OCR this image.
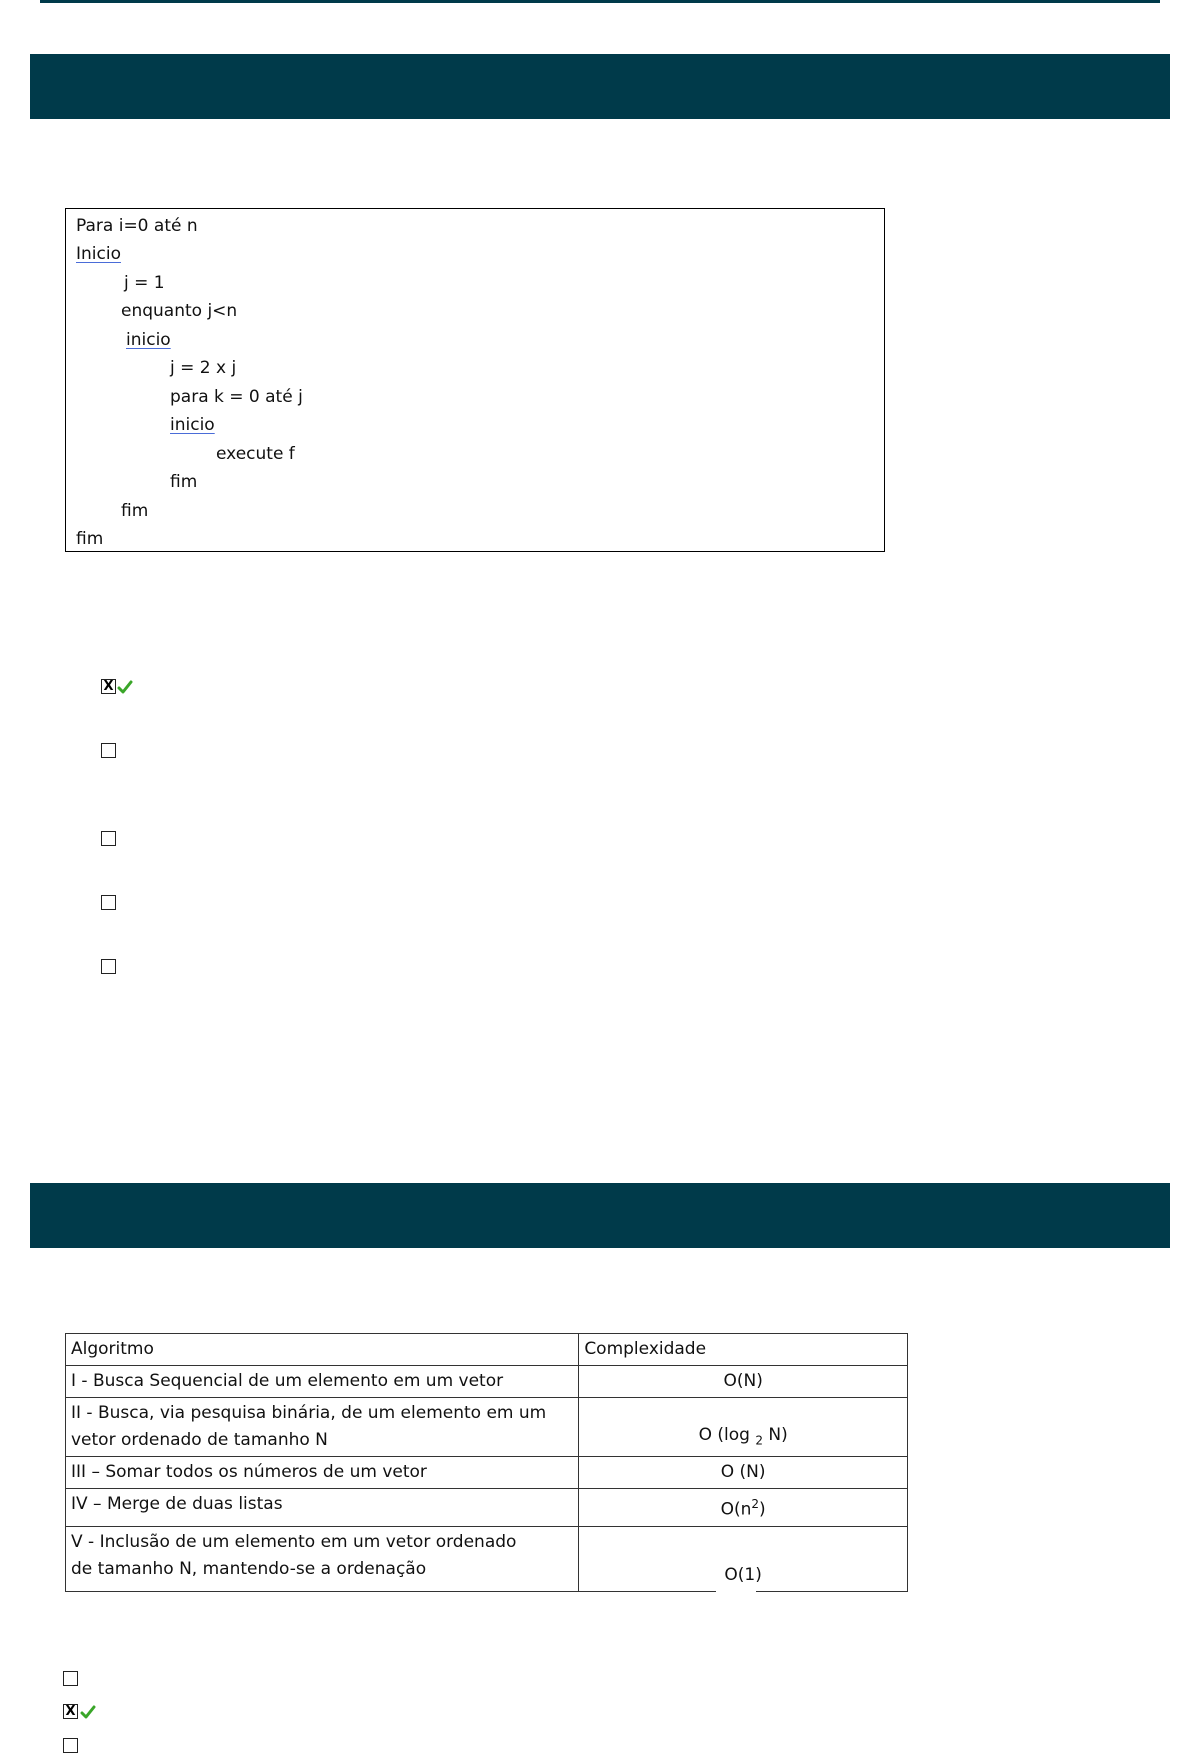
Para i=0 até n
Inicio
j = 1
enquanto j<n
inicio
j = 2 x j
para k = 0 até j
inicio
execute f
fim
fim
fim
X
Algoritmo	Complexidade
I - Busca Sequencial de um elemento em um vetor	O(N)

II - Busca, via pesquisa binária, de um elemento em um
vetor ordenado de tamanho N	O (log $_2$ N)
III – Somar todos os números de um vetor	O (N)
IV – Merge de duas listas	$O(n^2)$

V - Inclusão de um elemento em um vetor ordenado
de tamanho N, mantendo-se a ordenação	O(1)
X
